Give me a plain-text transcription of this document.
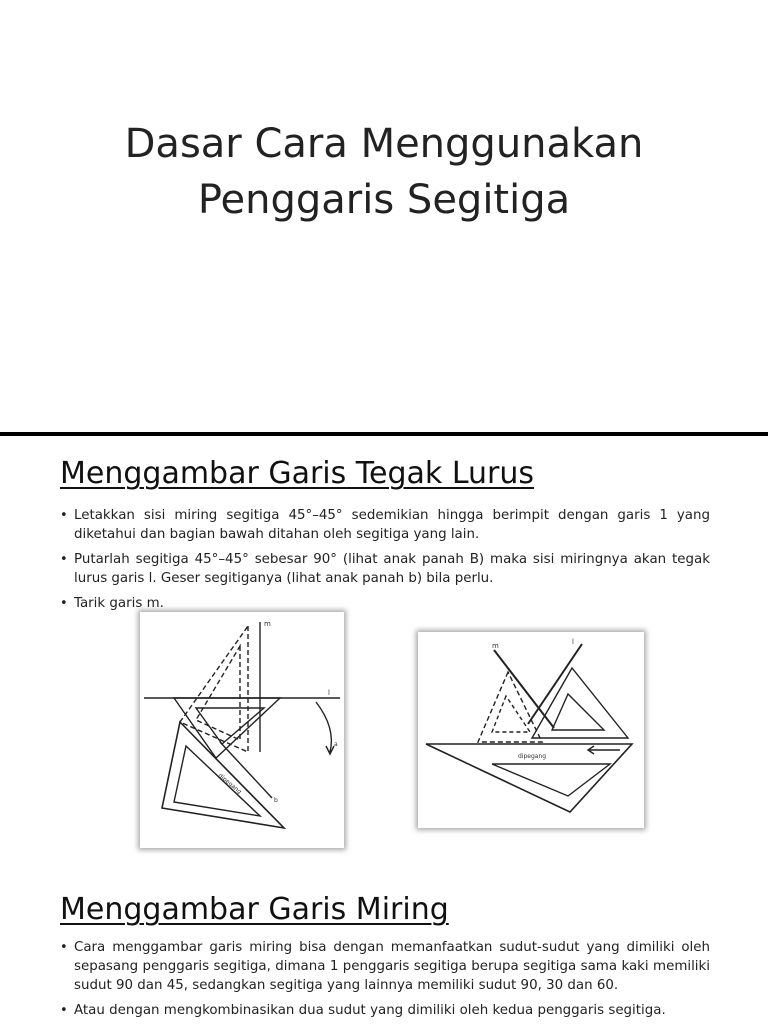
Dasar Cara Menggunakan
Penggaris Segitiga
Menggambar Garis Tegak Lurus
• Letakkan sisi miring segitiga 45°–45° sedemikian hingga berimpit dengan garis 1 yang diketahui dan bagian bawah ditahan oleh segitiga yang lain.
• Putarlah segitiga 45°–45° sebesar 90° (lihat anak panah B) maka sisi miringnya akan tegak lurus garis l. Geser segitiganya (lihat anak panah b) bila perlu.
• Tarik garis m.
m
l
a
b
dipegang
m	l
dipegang
Menggambar Garis Miring
• Cara menggambar garis miring bisa dengan memanfaatkan sudut-sudut yang dimiliki oleh sepasang penggaris segitiga, dimana 1 penggaris segitiga berupa segitiga sama kaki memiliki sudut 90 dan 45, sedangkan segitiga yang lainnya memiliki sudut 90, 30 dan 60.
• Atau dengan mengkombinasikan dua sudut yang dimiliki oleh kedua penggaris segitiga.
